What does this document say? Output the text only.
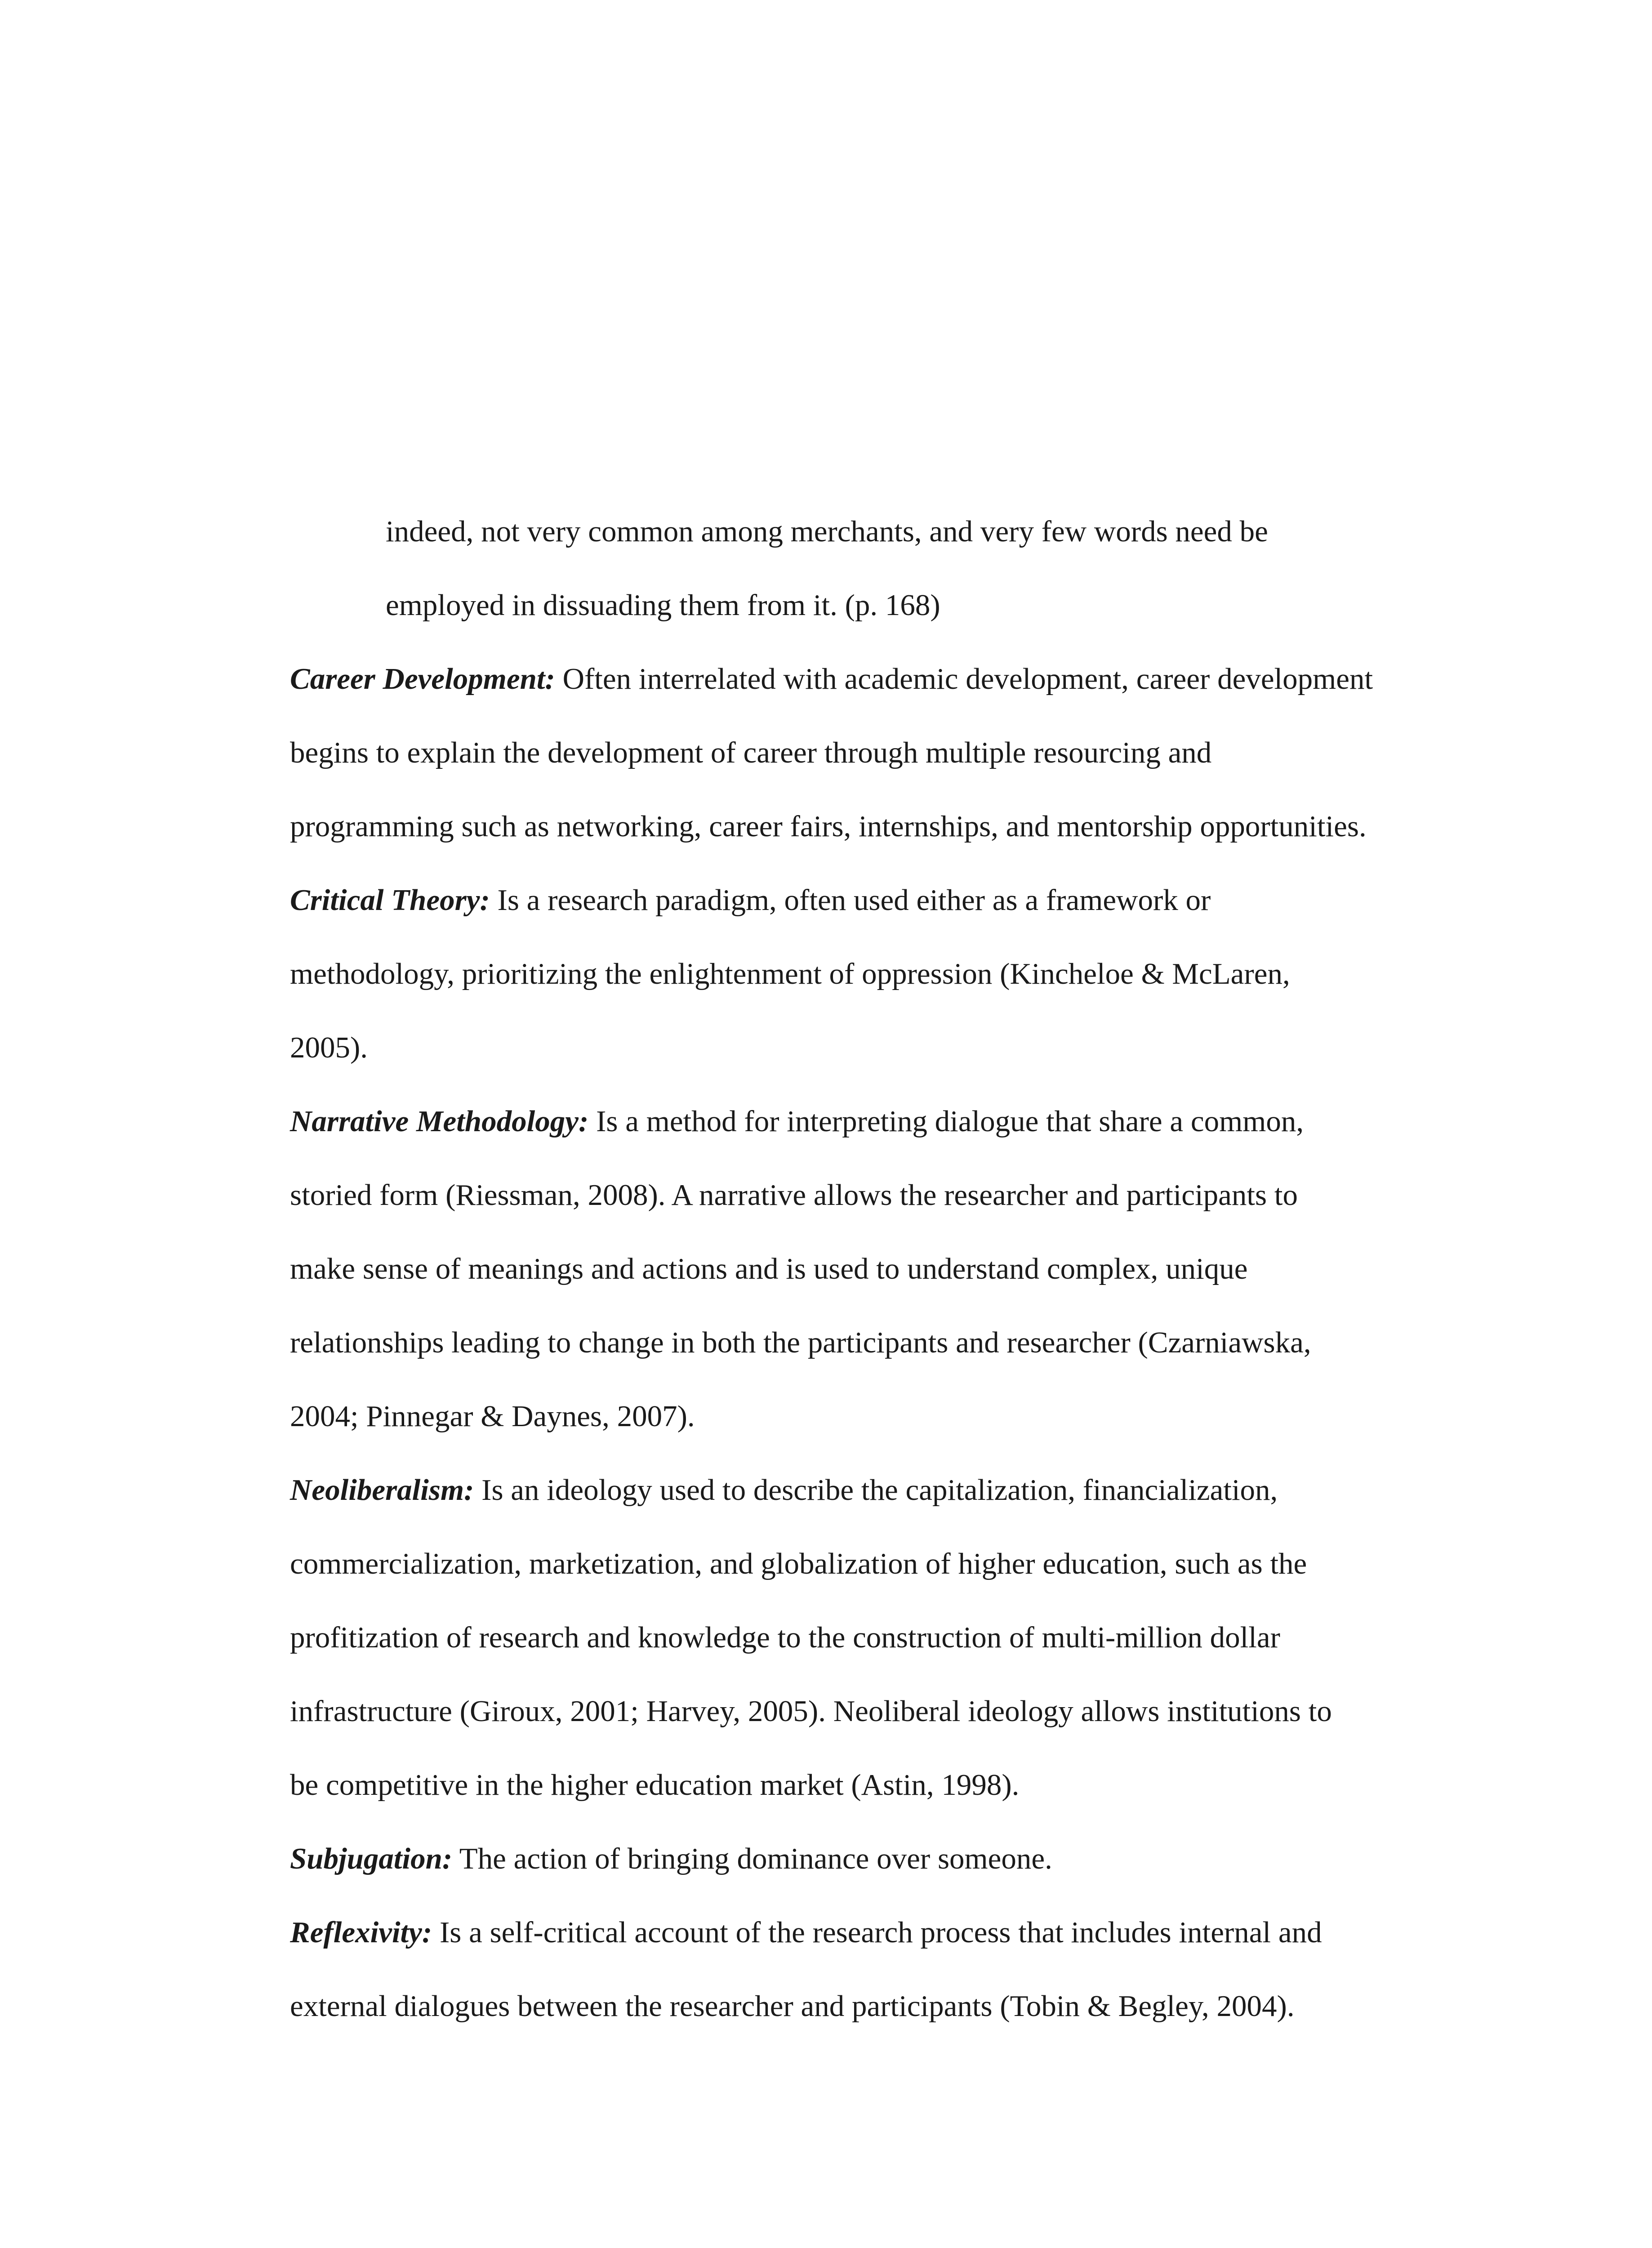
indeed, not very common among merchants, and very few words need be
employed in dissuading them from it. (p. 168)
Career Development: Often interrelated with academic development, career development
begins to explain the development of career through multiple resourcing and
programming such as networking, career fairs, internships, and mentorship opportunities.
Critical Theory: Is a research paradigm, often used either as a framework or
methodology, prioritizing the enlightenment of oppression (Kincheloe & McLaren,
2005).
Narrative Methodology: Is a method for interpreting dialogue that share a common,
storied form (Riessman, 2008). A narrative allows the researcher and participants to
make sense of meanings and actions and is used to understand complex, unique
relationships leading to change in both the participants and researcher (Czarniawska,
2004; Pinnegar & Daynes, 2007).
Neoliberalism: Is an ideology used to describe the capitalization, financialization,
commercialization, marketization, and globalization of higher education, such as the
profitization of research and knowledge to the construction of multi-million dollar
infrastructure (Giroux, 2001; Harvey, 2005). Neoliberal ideology allows institutions to
be competitive in the higher education market (Astin, 1998).
Subjugation: The action of bringing dominance over someone.
Reflexivity: Is a self-critical account of the research process that includes internal and
external dialogues between the researcher and participants (Tobin & Begley, 2004).
